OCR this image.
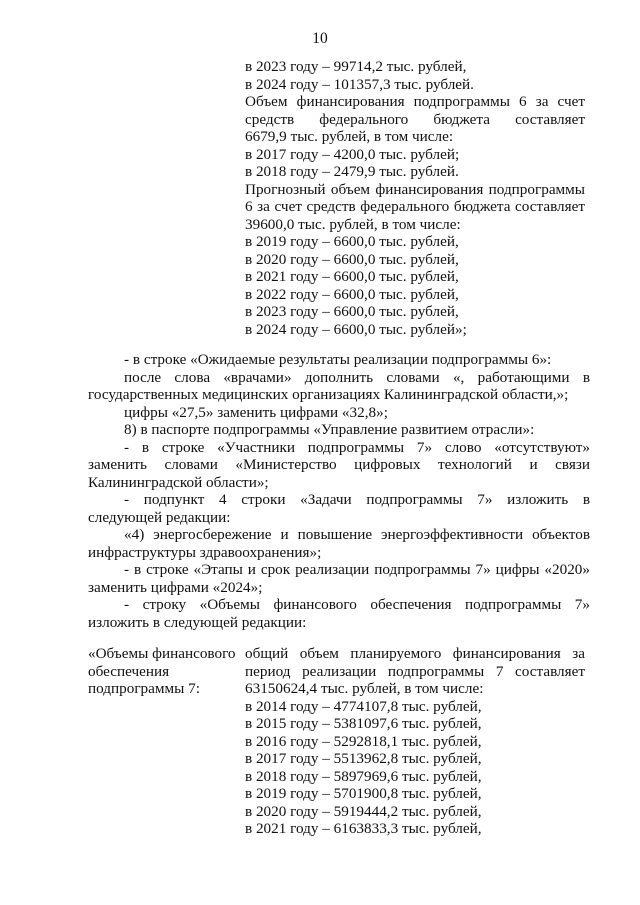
10
в 2023 году – 99714,2 тыс. рублей,
в 2024 году – 101357,3 тыс. рублей.
Объем финансирования подпрограммы 6 за счет
средств федерального бюджета составляет
6679,9 тыс. рублей, в том числе:
в 2017 году – 4200,0 тыс. рублей;
в 2018 году – 2479,9 тыс. рублей.
Прогнозный объем финансирования подпрограммы
6 за счет средств федерального бюджета составляет
39600,0 тыс. рублей, в том числе:
в 2019 году – 6600,0 тыс. рублей,
в 2020 году – 6600,0 тыс. рублей,
в 2021 году – 6600,0 тыс. рублей,
в 2022 году – 6600,0 тыс. рублей,
в 2023 году – 6600,0 тыс. рублей,
в 2024 году – 6600,0 тыс. рублей»;
- в строке «Ожидаемые результаты реализации подпрограммы 6»:
после слова «врачами» дополнить словами «, работающими в
государственных медицинских организациях Калининградской области,»;
цифры «27,5» заменить цифрами «32,8»;
8) в паспорте подпрограммы «Управление развитием отрасли»:
- в строке «Участники подпрограммы 7» слово «отсутствуют»
заменить словами «Министерство цифровых технологий и связи
Калининградской области»;
- подпункт 4 строки «Задачи подпрограммы 7» изложить в
следующей редакции:
«4) энергосбережение и повышение энергоэффективности объектов
инфраструктуры здравоохранения»;
- в строке «Этапы и срок реализации подпрограммы 7» цифры «2020»
заменить цифрами «2024»;
- строку «Объемы финансового обеспечения подпрограммы 7»
изложить в следующей редакции:
«Объемы финансового
обеспечения
подпрограммы 7:
общий объем планируемого финансирования за
период реализации подпрограммы 7 составляет
63150624,4 тыс. рублей, в том числе:
в 2014 году – 4774107,8 тыс. рублей,
в 2015 году – 5381097,6 тыс. рублей,
в 2016 году – 5292818,1 тыс. рублей,
в 2017 году – 5513962,8 тыс. рублей,
в 2018 году – 5897969,6 тыс. рублей,
в 2019 году – 5701900,8 тыс. рублей,
в 2020 году – 5919444,2 тыс. рублей,
в 2021 году – 6163833,3 тыс. рублей,
